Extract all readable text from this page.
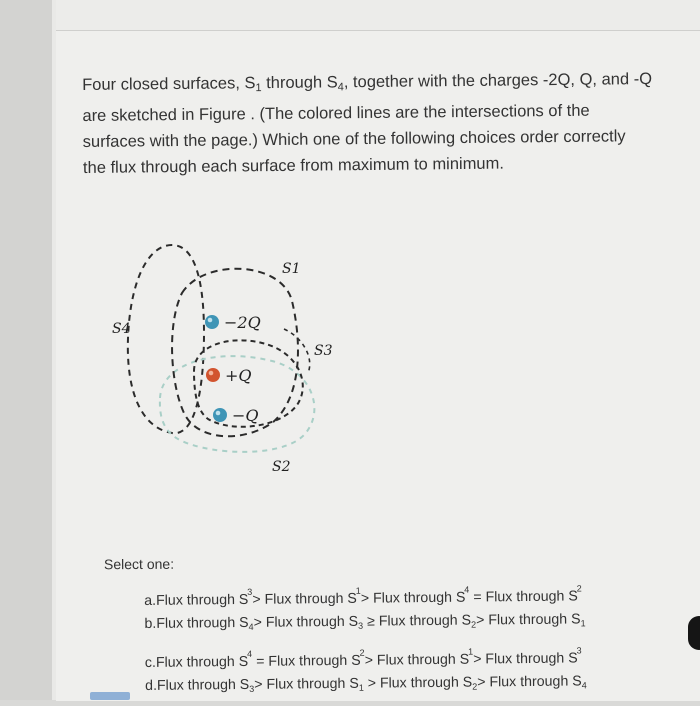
Four closed surfaces, $S_1$ through $S_4$, together with the charges -2Q, Q, and -Q

are sketched in Figure . (The colored lines are the intersections of the

surfaces with the page.) Which one of the following choices order correctly

the flux through each surface from maximum to minimum.

−2Q
+Q
−Q
S1
S2
S3
S4
Select one:
a.Flux through $S^3>$ Flux through $S^1>$ Flux through $S^4$ = Flux through $S^2$
b.Flux through $S_4>$ Flux through $S_3$ ≥ Flux through $S_2>$ Flux through $S_1$
c.Flux through $S^4$ = Flux through $S^2>$ Flux through $S^1>$ Flux through $S^3$
d.Flux through $S_3>$ Flux through $S_1$ > Flux through $S_2>$ Flux through $S_4$
